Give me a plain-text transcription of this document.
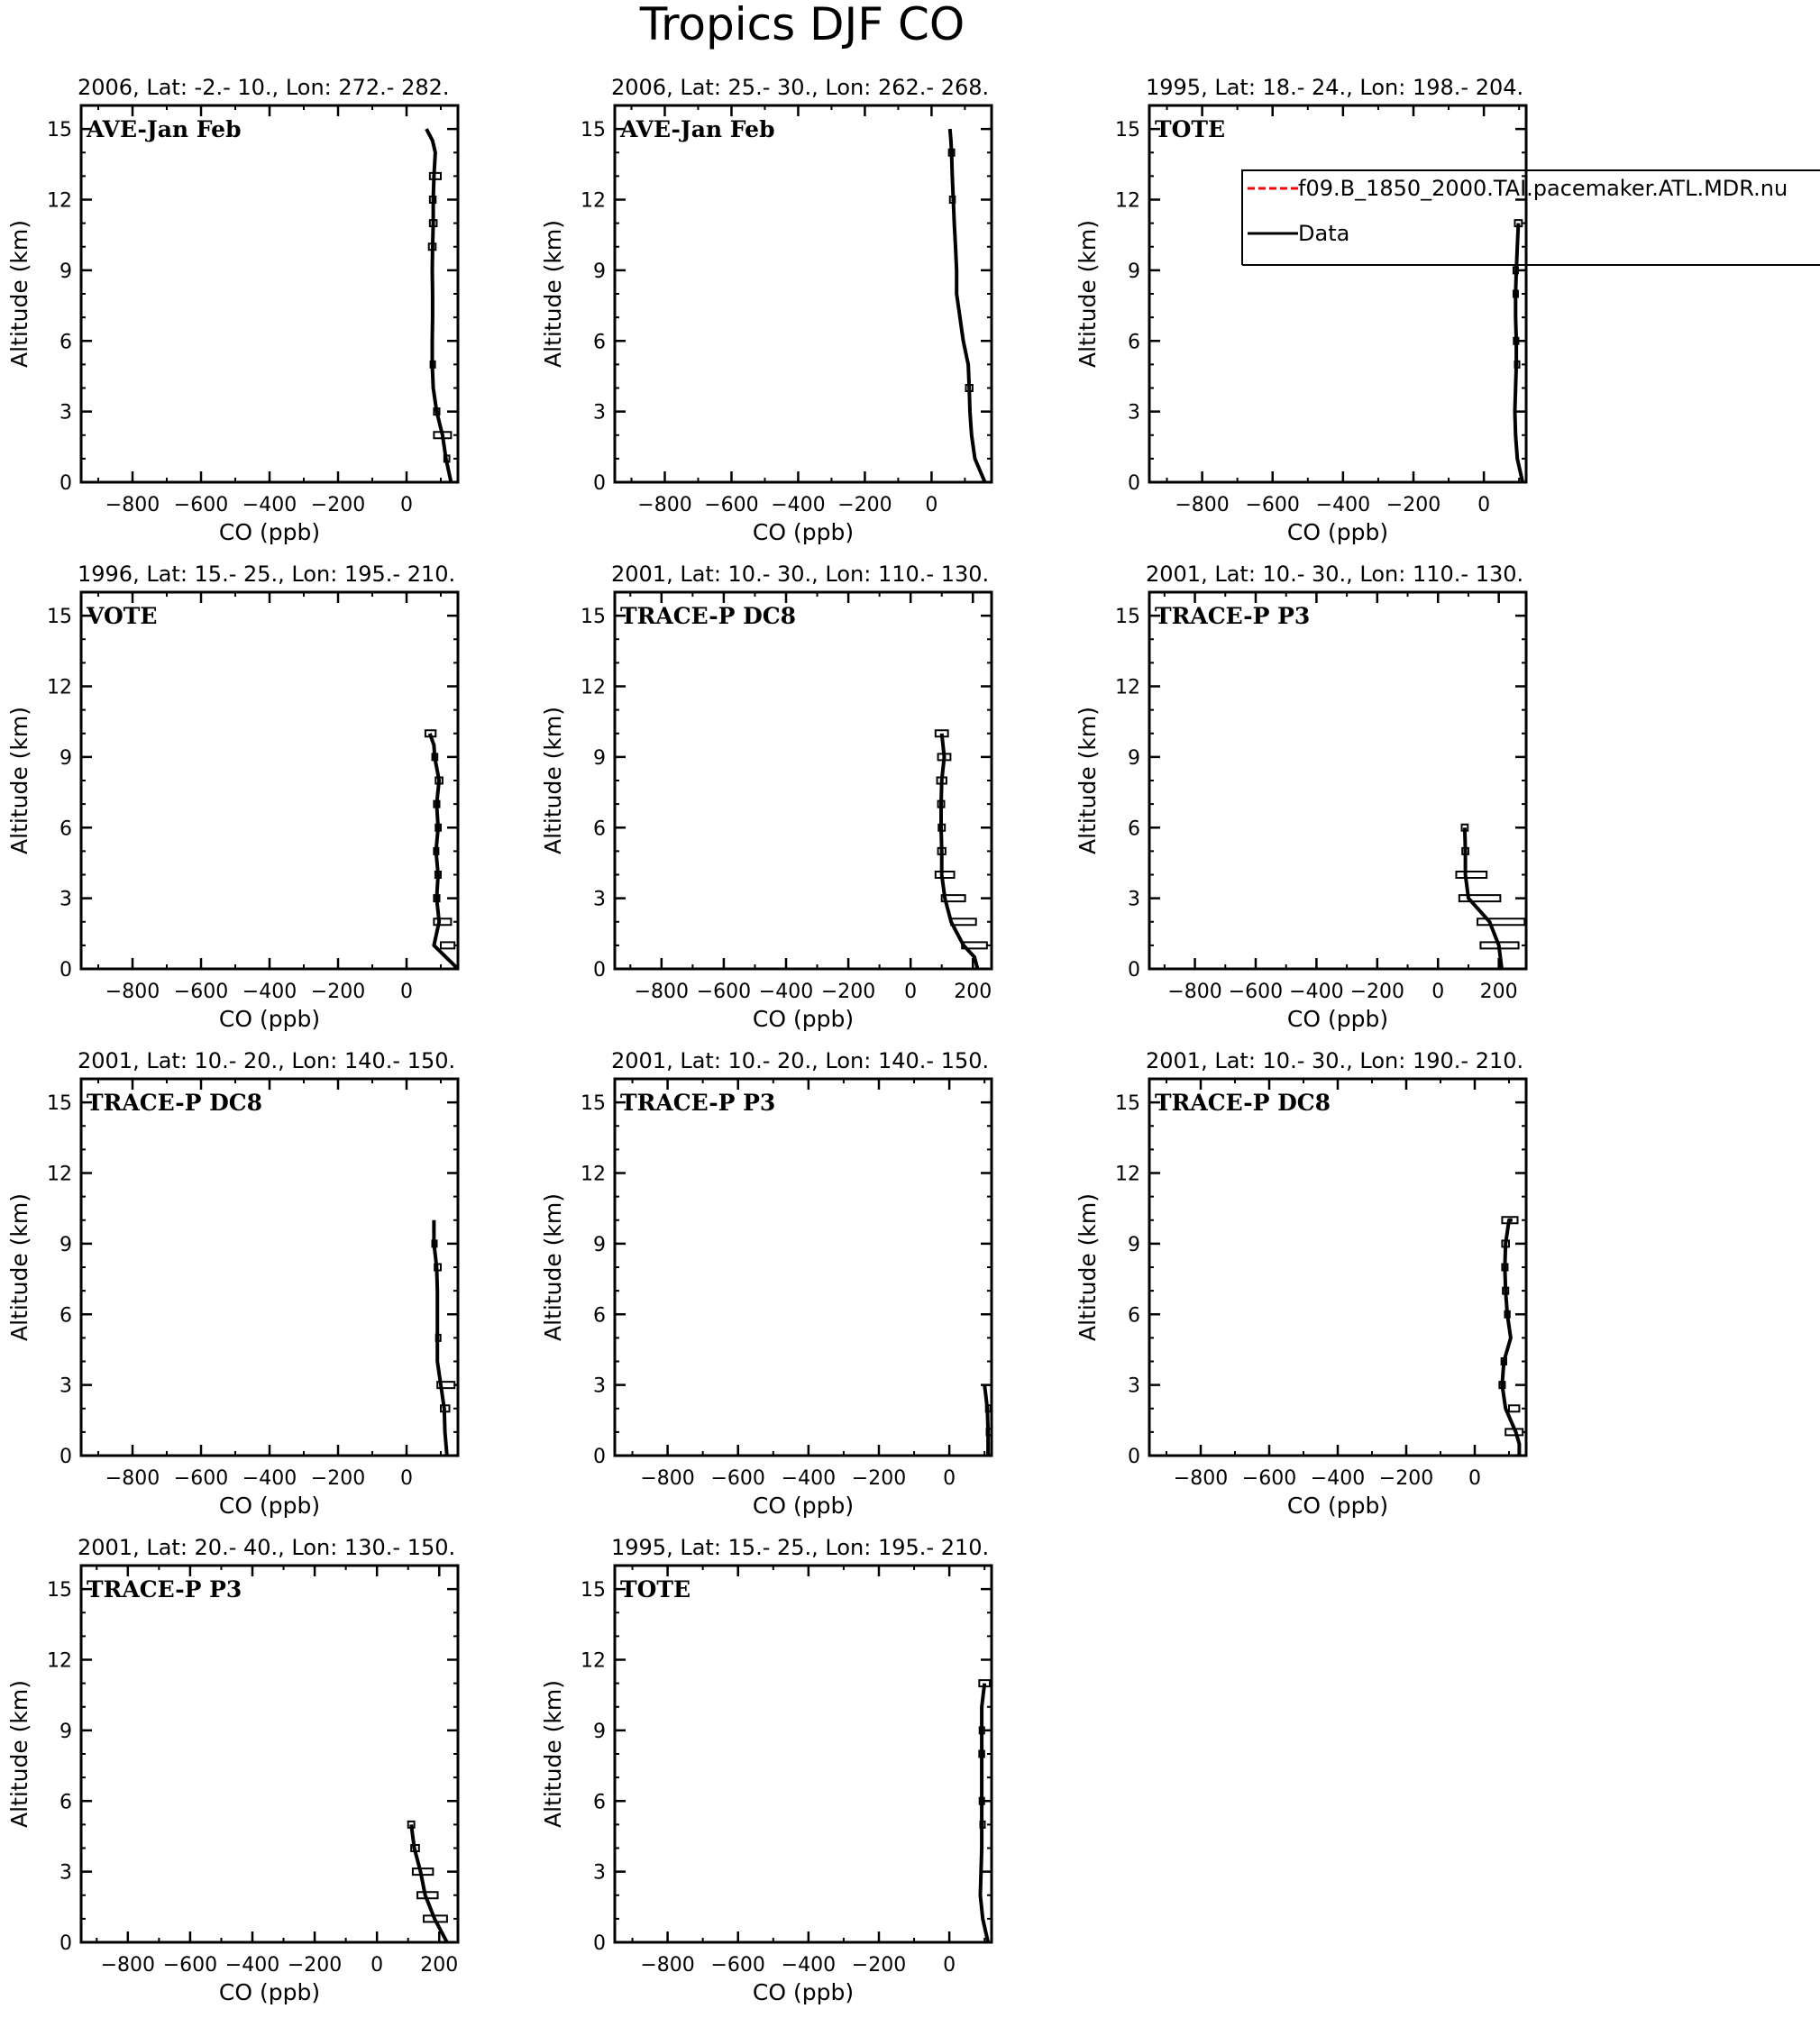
Tropics DJF CO
2006, Lat: -2.- 10., Lon: 272.- 282.
−800 −600 −400 −200 0
0
3
6
9
12
15
CO (ppb)
Altitude (km)
AVE-Jan Feb
2006, Lat: 25.- 30., Lon: 262.- 268.
−800 −600 −400 −200 0
0
3
6
9
12
15
CO (ppb)
Altitude (km)
AVE-Jan Feb
1995, Lat: 18.- 24., Lon: 198.- 204.
−800 −600 −400 −200 0
0
3
6
9
12
15
CO (ppb)
Altitude (km)
TOTE
1996, Lat: 15.- 25., Lon: 195.- 210.
−800 −600 −400 −200 0
0
3
6
9
12
15
CO (ppb)
Altitude (km)
VOTE
2001, Lat: 10.- 30., Lon: 110.- 130.
−800 −600 −400 −200 0 200
0
3
6
9
12
15
CO (ppb)
Altitude (km)
TRACE-P DC8
2001, Lat: 10.- 30., Lon: 110.- 130.
−800 −600 −400 −200 0 200
0
3
6
9
12
15
CO (ppb)
Altitude (km)
TRACE-P P3
2001, Lat: 10.- 20., Lon: 140.- 150.
−800 −600 −400 −200 0
0
3
6
9
12
15
CO (ppb)
Altitude (km)
TRACE-P DC8
2001, Lat: 10.- 20., Lon: 140.- 150.
−800 −600 −400 −200 0
0
3
6
9
12
15
CO (ppb)
Altitude (km)
TRACE-P P3
2001, Lat: 10.- 30., Lon: 190.- 210.
−800 −600 −400 −200 0
0
3
6
9
12
15
CO (ppb)
Altitude (km)
TRACE-P DC8
2001, Lat: 20.- 40., Lon: 130.- 150.
−800 −600 −400 −200 0 200
0
3
6
9
12
15
CO (ppb)
Altitude (km)
TRACE-P P3
1995, Lat: 15.- 25., Lon: 195.- 210.
−800 −600 −400 −200 0
0
3
6
9
12
15
CO (ppb)
Altitude (km)
TOTE
f09.B_1850_2000.TAI.pacemaker.ATL.MDR.nu
Data
